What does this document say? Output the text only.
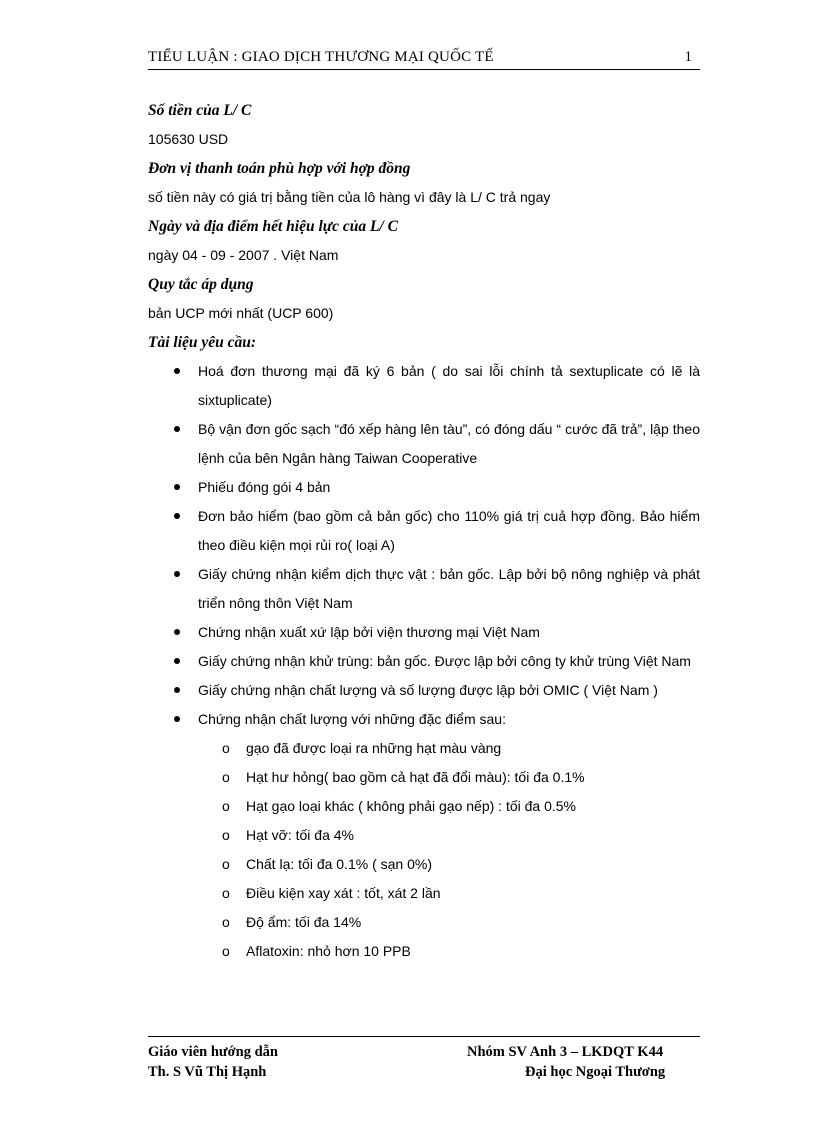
TIỂU LUẬN : GIAO DỊCH THƯƠNG MẠI QUỐC TẾ	1
Số tiền của L/ C
105630 USD
Đơn vị thanh toán phù hợp với hợp đồng
số tiền này có giá trị bằng tiền của lô hàng vì đây là L/ C trả ngay
Ngày và địa điểm hết hiệu lực của L/ C
ngày 04 - 09 - 2007 . Việt Nam
Quy tắc áp dụng
bản UCP mới nhất (UCP 600)
Tài liệu yêu cầu:
Hoá đơn thương mại đã ký 6 bản ( do sai lỗi chính tả sextuplicate có lẽ là sixtuplicate)
Bộ vận đơn gốc sạch “đó xếp hàng lên tàu”, có đóng dấu “ cước đã trả”, lập theo lệnh của bên Ngân hàng Taiwan Cooperative
Phiếu đóng gói 4 bản
Đơn bảo hiểm (bao gồm cả bản gốc) cho 110% giá trị cuả hợp đồng. Bảo hiểm theo điều kiện mọi rủi ro( loại A)
Giấy chứng nhận kiểm dịch thực vật : bản gốc. Lập bởi bộ nông nghiệp và phát triển nông thôn Việt Nam
Chứng nhận xuất xứ lập bởi viện thương mại Việt Nam
Giấy chứng nhận khử trùng: bản gốc. Được lập bởi công ty khử trùng Việt Nam
Giấy chứng nhận chất lượng và số lượng được lập bởi OMIC ( Việt Nam )
Chứng nhận chất lượng với những đặc điểm sau:
o gạo đã được loại ra những hạt màu vàng
o Hạt hư hỏng( bao gồm cả hạt đã đổi màu): tối đa 0.1%
o Hạt gạo loại khác ( không phải gạo nếp) : tối đa 0.5%
o Hạt vỡ: tối đa 4%
o Chất lạ: tối đa 0.1% ( sạn 0%)
o Điều kiện xay xát : tốt, xát 2 lần
o Độ ẩm: tối đa 14%
o Aflatoxin: nhỏ hơn 10 PPB
Giáo viên hướng dẫn
Th. S Vũ Thị Hạnh
Nhóm SV Anh 3 – LKDQT K44
Đại học Ngoại Thương
